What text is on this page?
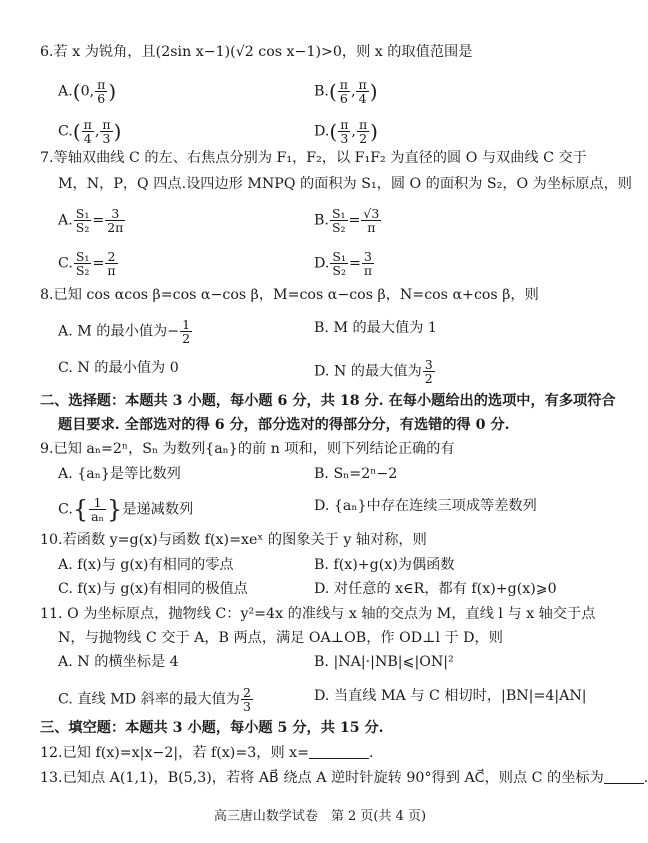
6.若 x 为锐角，且(2sin x−1)(√2 cos x−1)>0，则 x 的取值范围是
A.(0, $\frac{\pi}{6}$ )	$B.( \frac{\pi}{6}$ , $\frac{\pi}{4}$ )
$C.( \frac{\pi}{4}$ , $\frac{\pi}{3}$ )	$D.( \frac{\pi}{3}$ , $\frac{\pi}{2}$ )
7.等轴双曲线 C 的左、右焦点分别为 F₁，F₂，以 F₁F₂ 为直径的圆 O 与双曲线 C 交于
M，N，P，Q 四点.设四边形 MNPQ 的面积为 S₁，圆 O 的面积为 S₂，O 为坐标原点，则
A. $\frac{\text{S₁}}{\text{S₂}} = \frac{3}{2\pi}$	B. $\frac{\text{S₁}}{\text{S₂}} = \frac{√3}{\pi}$
C. $\frac{\text{S₁}}{\text{S₂}} = \frac{2}{\pi}$	D. $\frac{\text{S₁}}{\text{S₂}} = \frac{3}{\pi}$
8.已知 cos αcos β=cos α−cos β，M=cos α−cos β，N=cos α+cos β，则
A. M 的最小值为− $\frac{1}{2}$	B. M 的最大值为 1
C. N 的最小值为 0	D. N 的最大值为 $\frac{3}{2}$
二、选择题：本题共 3 小题，每小题 6 分，共 18 分. 在每小题给出的选项中，有多项符合
题目要求. 全部选对的得 6 分，部分选对的得部分分，有选错的得 0 分.
9.已知 aₙ=2ⁿ，Sₙ 为数列{aₙ}的前 n 项和，则下列结论正确的有
A. {aₙ}是等比数列	B. Sₙ=2ⁿ−2
$C.\{ \frac{1}{\text{aₙ}}$ }是递减数列	D. {aₙ}中存在连续三项成等差数列
10.若函数 y=g(x)与函数 f(x)=xeˣ 的图象关于 y 轴对称，则
A. f(x)与 g(x)有相同的零点	B. f(x)+g(x)为偶函数
C. f(x)与 g(x)有相同的极值点	D. 对任意的 x∈R，都有 f(x)+g(x)⩾0
11. O 为坐标原点，抛物线 C：y²=4x 的准线与 x 轴的交点为 M，直线 l 与 x 轴交于点
N，与抛物线 C 交于 A，B 两点，满足 OA⊥OB，作 OD⊥l 于 D，则
A. N 的横坐标是 4	B. |NA|·|NB|⩽|ON|²
C. 直线 MD 斜率的最大值为 $\frac{2}{3}$	D. 当直线 MA 与 C 相切时，|BN|=4|AN|
三、填空题：本题共 3 小题，每小题 5 分，共 15 分.
12.已知 f(x)=x|x−2|，若 f(x)=3，则 x=	.
13.已知点 A(1,1)，B(5,3)，若将 AB⃗ 绕点 A 逆时针旋转 90°得到 AC⃗，则点 C 的坐标为	.
高三唐山数学试卷　第 2 页(共 4 页)
